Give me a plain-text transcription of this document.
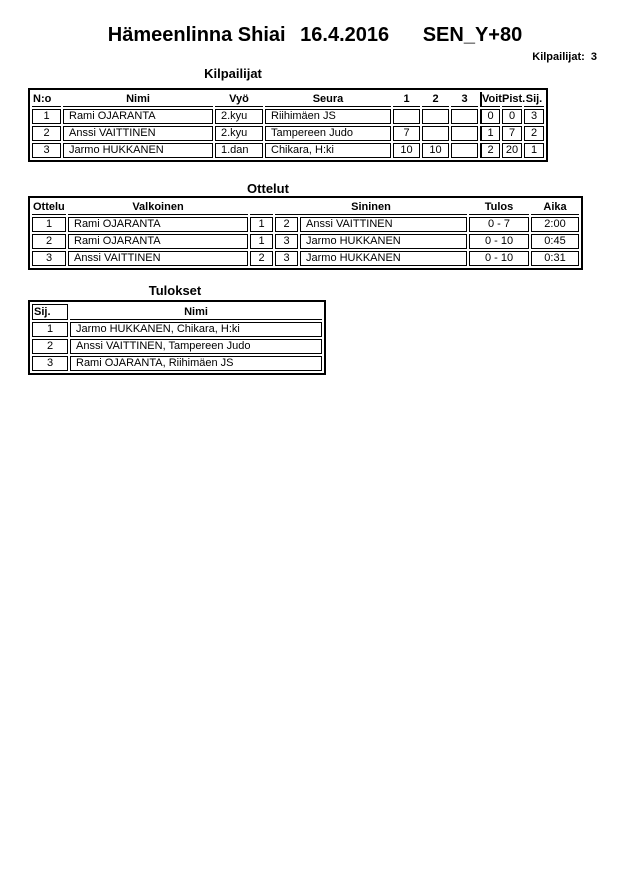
Hämeenlinna Shiai 16.4.2016 SEN_Y+80
Kilpailijat: 3
Kilpailijat
N:o	Nimi	Vyö	Seura	1	2	3	Voit.	Pist.	Sij.
1	Rami OJARANTA	2.kyu	Riihimäen JS				0	0	3
2	Anssi VAITTINEN	2.kyu	Tampereen Judo	7			1	7	2
3	Jarmo HUKKANEN	1.dan	Chikara, H:ki	10	10		2	20	1
Ottelut
Ottelu	Valkoinen		Sininen		Tulos	Aika
1	Rami OJARANTA	1	2	Anssi VAITTINEN	0 - 7	2:00
2	Rami OJARANTA	1	3	Jarmo HUKKANEN	0 - 10	0:45
3	Anssi VAITTINEN	2	3	Jarmo HUKKANEN	0 - 10	0:31
Tulokset
Sij.	Nimi
1	Jarmo HUKKANEN, Chikara, H:ki
2	Anssi VAITTINEN, Tampereen Judo
3	Rami OJARANTA, Riihimäen JS
